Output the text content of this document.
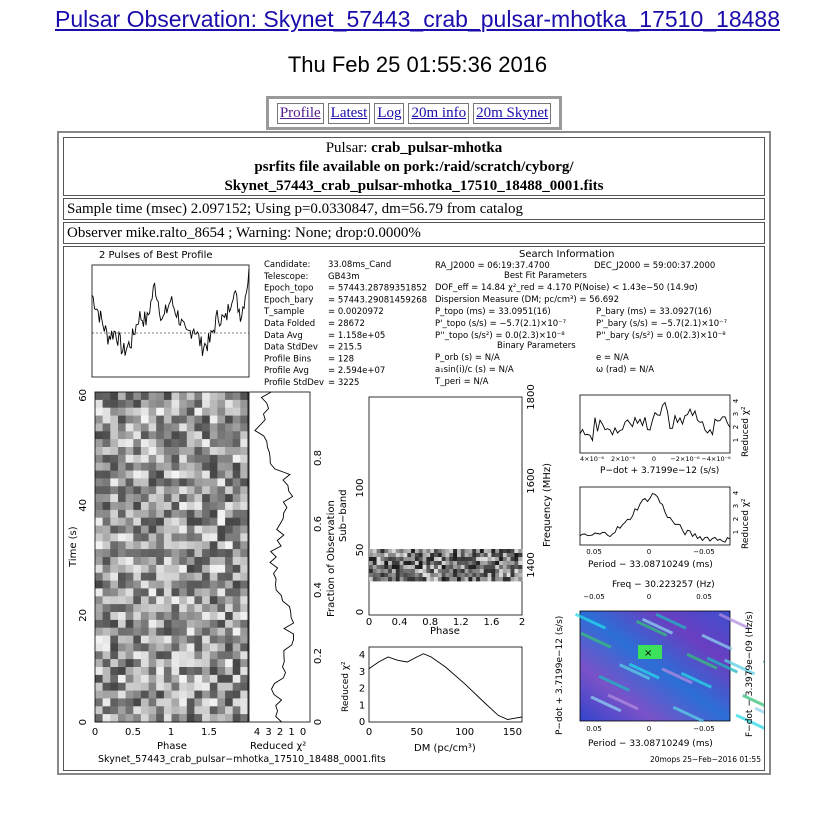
Pulsar Observation: Skynet_57443_crab_pulsar-mhotka_17510_18488
Thu Feb 25 01:55:36 2016
Profile Latest Log 20m info 20m Skynet
Pulsar: crab_pulsar-mhotka
psrfits file available on pork:/raid/scratch/cyborg/
Skynet_57443_crab_pulsar-mhotka_17510_18488_0001.fits
Sample time (msec) 2.097152; Using p=0.0330847, dm=56.79 from catalog
Observer mike.ralto_8654 ; Warning: None; drop:0.0000%
2 Pulses of Best Profile
Candidate: 33.08ms_Cand
Telescope: GB43m
Epoch_topo = 57443.28789351852
Epoch_bary = 57443.29081459268
T_sample	= 0.0020972
Data Folded = 28672
Data Avg	= 1.158e+05
Data StdDev = 215.5
Profile Bins = 128
Profile Avg = 2.594e+07
Profile StdDev = 3225
Search Information
RA_J2000 = 06:19:37.4700	DEC_J2000 = 59:00:37.2000
Best Fit Parameters
DOF_eff = 14.84 χ²_red = 4.170 P(Noise) < 1.43e−50 (14.9σ)
Dispersion Measure (DM; pc/cm³) = 56.692
P_topo (ms) = 33.0951(16)	P_bary (ms) = 33.0927(16)
P'_topo (s/s) = −5.7(2.1)×10⁻⁷	P'_bary (s/s) = −5.7(2.1)×10⁻⁷
P''_topo (s/s²) = 0.0(2.3)×10⁻⁸	P''_bary (s/s²) = 0.0(2.3)×10⁻⁸
Binary Parameters
P_orb (s) = N/A	e = N/A
a₁sin(i)/c (s) = N/A	ω (rad) = N/A
T_peri = N/A
Time (s)
Phase
0
20
40
60
0	0.5	1	1.5	4 3 2 1 0
0
0.2
0.4
0.6
0.8
Reduced χ²
Fraction of Observation Sub−band
Phase
Frequency (MHz)
0
50
100
0 0.4 0.8 1.2 1.6 2
1400
1600
1800
Reduced χ²
DM (pc/cm³)
0
1
2
3
4
0	50	100	150
P−dot + 3.7199e−12 (s/s)
Reduced χ²
4×10⁻⁶ 2×10⁻⁶	0 −2×10⁻⁶ −4×10⁻⁶
1
2
3
4
Period − 33.08710249 (ms)
Reduced χ²
0.05	0	−0.05
1
2
3
4
Freq − 30.223257 (Hz)
×
Period − 33.08710249 (ms)
P−dot + 3.7199e−12 (s/s)	F−dot − 3.3979e−09 (Hz/s)
−0.05	0	0.05
0.05	0	−0.05
Skynet_57443_crab_pulsar−mhotka_17510_18488_0001.fits	20mops 25−Feb−2016 01:55
